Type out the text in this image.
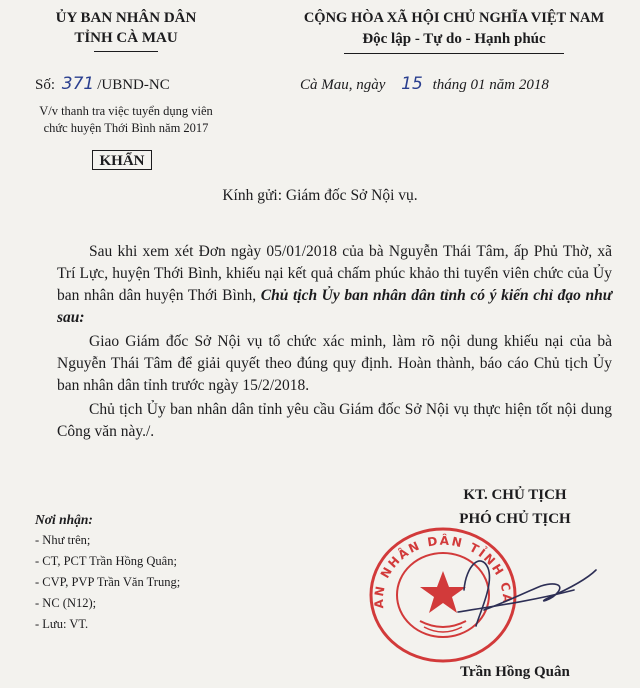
ỦY BAN NHÂN DÂN
TỈNH CÀ MAU
Số: 371 /UBND-NC
V/v thanh tra việc tuyển dụng viên
chức huyện Thới Bình năm 2017
KHẨN
CỘNG HÒA XÃ HỘI CHỦ NGHĨA VIỆT NAM
Độc lập - Tự do - Hạnh phúc
Cà Mau, ngày 15 tháng 01 năm 2018
Kính gửi: Giám đốc Sở Nội vụ.
Sau khi xem xét Đơn ngày 05/01/2018 của bà Nguyễn Thái Tâm, ấp Phủ Thờ, xã Trí Lực, huyện Thới Bình, khiếu nại kết quả chấm phúc khảo thi tuyển viên chức của Ủy ban nhân dân huyện Thới Bình, Chủ tịch Ủy ban nhân dân tỉnh có ý kiến chỉ đạo như sau:
Giao Giám đốc Sở Nội vụ tổ chức xác minh, làm rõ nội dung khiếu nại của bà Nguyễn Thái Tâm để giải quyết theo đúng quy định. Hoàn thành, báo cáo Chủ tịch Ủy ban nhân dân tỉnh trước ngày 15/2/2018.
Chủ tịch Ủy ban nhân dân tỉnh yêu cầu Giám đốc Sở Nội vụ thực hiện tốt nội dung Công văn này./.
Nơi nhận:
- Như trên;
- CT, PCT Trần Hồng Quân;
- CVP, PVP Trần Văn Trung;
- NC (N12);
- Lưu: VT.
KT. CHỦ TỊCH
PHÓ CHỦ TỊCH
AN NHÂN DÂN TỈNH CÀ
Trần Hồng Quân
